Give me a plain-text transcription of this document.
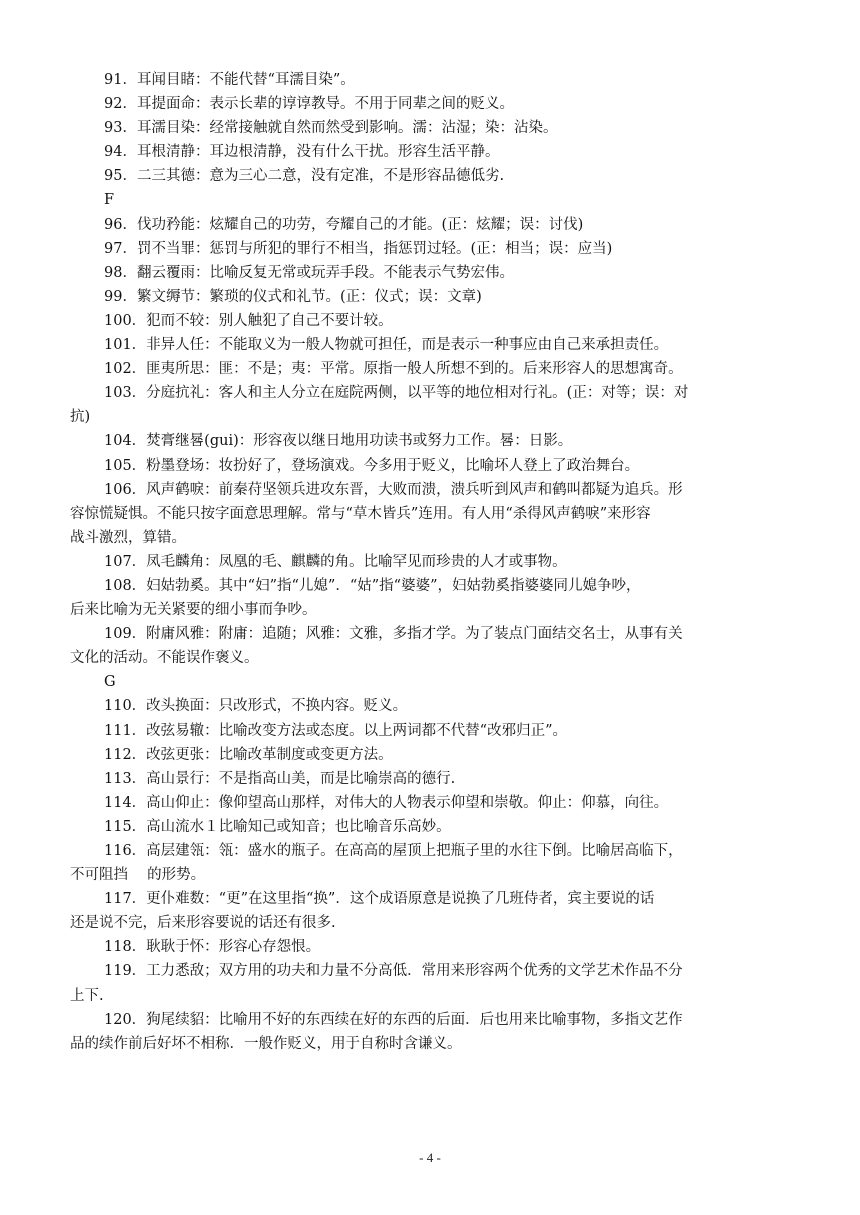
91．耳闻目睹：不能代替“耳濡目染”。
92．耳提面命：表示长辈的谆谆教导。不用于同辈之间的贬义。
93．耳濡目染：经常接触就自然而然受到影响。濡：沾湿；染：沾染。
94．耳根清静：耳边根清静，没有什么干扰。形容生活平静。
95．二三其德：意为三心二意，没有定准，不是形容品德低劣.
F
96．伐功矜能：炫耀自己的功劳，夸耀自己的才能。(正：炫耀；误：讨伐)
97．罚不当罪：惩罚与所犯的罪行不相当，指惩罚过轻。(正：相当；误：应当)
98．翻云覆雨：比喻反复无常或玩弄手段。不能表示气势宏伟。
99．繁文缛节：繁琐的仪式和礼节。(正：仪式；误：文章)
100．犯而不较：别人触犯了自己不要计较。
101．非异人任：不能取义为一般人物就可担任，而是表示一种事应由自己来承担责任。
102．匪夷所思：匪：不是；夷：平常。原指一般人所想不到的。后来形容人的思想寓奇。
103．分庭抗礼：客人和主人分立在庭院两侧，以平等的地位相对行礼。(正：对等；误：对
抗)
104．焚膏继晷(gui)：形容夜以继日地用功读书或努力工作。晷：日影。
105．粉墨登场：妆扮好了，登场演戏。今多用于贬义，比喻坏人登上了政治舞台。
106．风声鹤唳：前秦苻坚领兵进攻东晋，大败而溃，溃兵听到风声和鹤叫都疑为追兵。形
容惊慌疑惧。不能只按字面意思理解。常与“草木皆兵”连用。有人用“杀得风声鹤唳”来形容
战斗激烈，算错。
107．凤毛麟角：凤凰的毛、麒麟的角。比喻罕见而珍贵的人才或事物。
108．妇姑勃奚。其中“妇”指“儿媳”．“姑”指“婆婆”，妇姑勃奚指婆婆同儿媳争吵，
后来比喻为无关紧要的细小事而争吵。
109．附庸风雅：附庸：追随；风雅：文雅，多指才学。为了装点门面结交名士，从事有关
文化的活动。不能误作褒义。
G
110．改头换面：只改形式，不换内容。贬义。
111．改弦易辙：比喻改变方法或态度。以上两词都不代替“改邪归正”。
112．改弦更张：比喻改革制度或变更方法。
113．高山景行：不是指高山美，而是比喻崇高的德行.
114．高山仰止：像仰望高山那样，对伟大的人物表示仰望和崇敬。仰止：仰慕，向往。
115．高山流水１比喻知己或知音；也比喻音乐高妙。
116．高层建瓴：瓴：盛水的瓶子。在高高的屋顶上把瓶子里的水往下倒。比喻居高临下，
不可阻挡　 的形势。
117．更仆难数：“更”在这里指“换”．这个成语原意是说换了几班侍者，宾主要说的话
还是说不完，后来形容要说的话还有很多.
118．耿耿于怀：形容心存怨恨。
119．工力悉敌；双方用的功夫和力量不分高低．常用来形容两个优秀的文学艺术作品不分
上下.
120．狗尾续貂：比喻用不好的东西续在好的东西的后面．后也用来比喻事物，多指文艺作
品的续作前后好坏不相称．一般作贬义，用于自称时含谦义。
- 4 -
